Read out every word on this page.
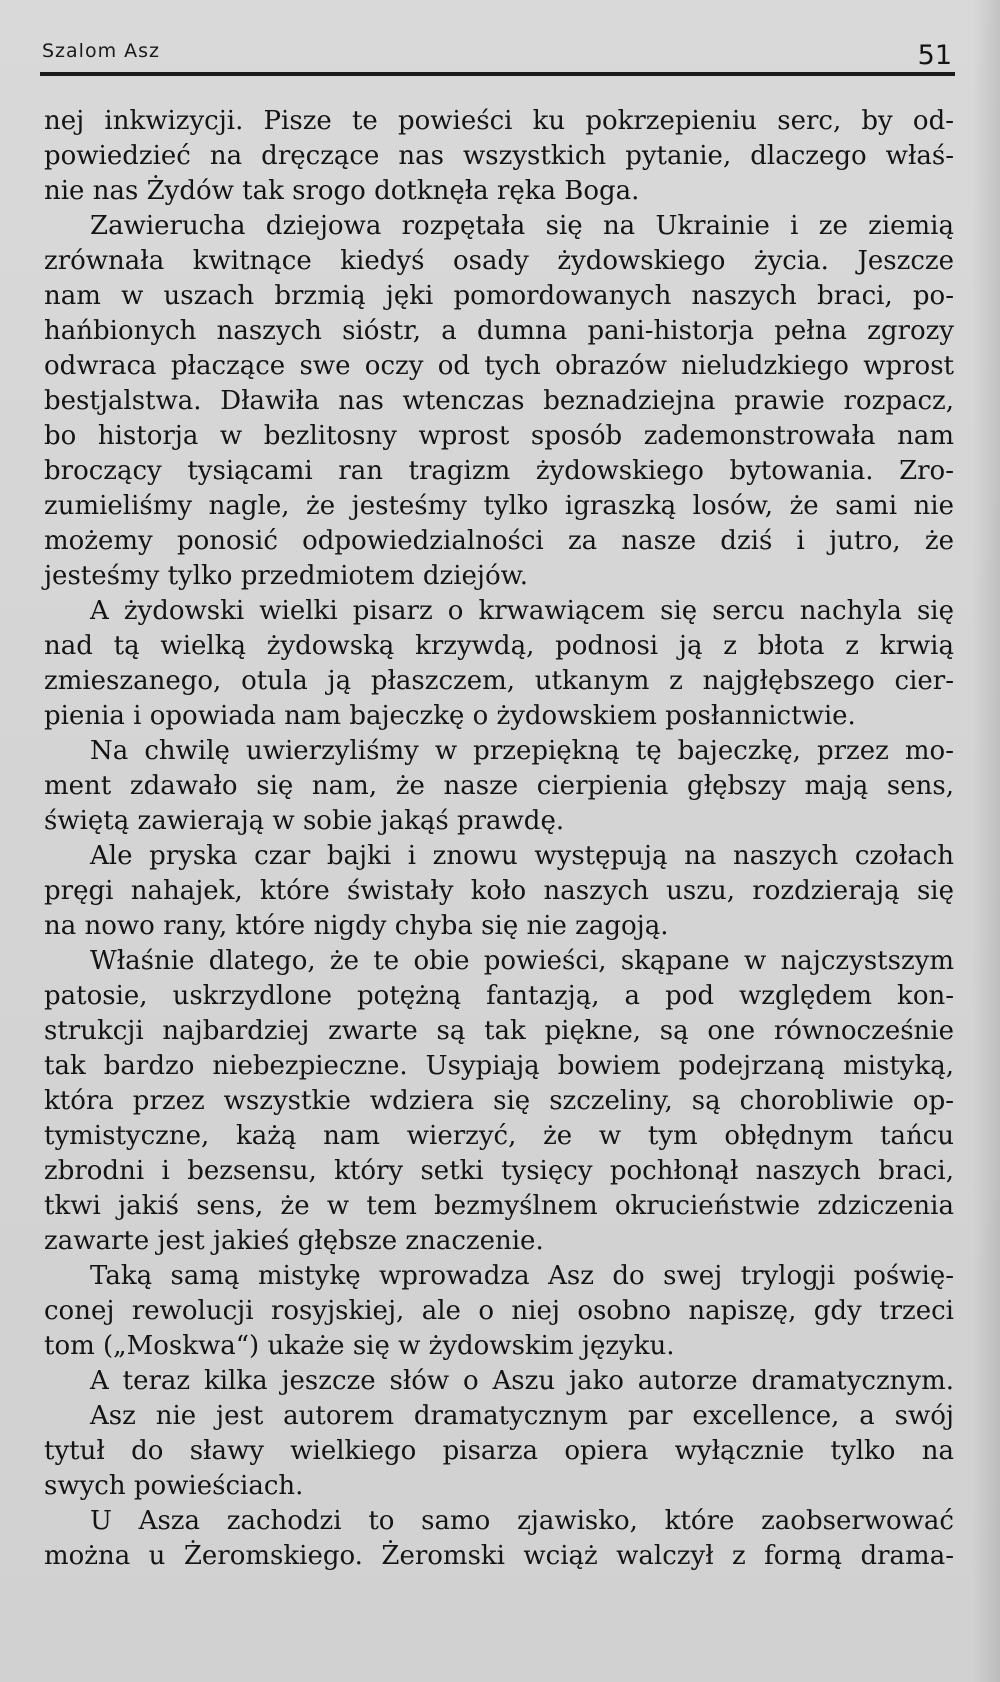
Szalom Asz	51
nej inkwizycji. Pisze te powieści ku pokrzepieniu serc, by od-
powiedzieć na dręczące nas wszystkich pytanie, dlaczego właś-
nie nas Żydów tak srogo dotknęła ręka Boga.
Zawierucha dziejowa rozpętała się na Ukrainie i ze ziemią
zrównała kwitnące kiedyś osady żydowskiego życia. Jeszcze
nam w uszach brzmią jęki pomordowanych naszych braci, po-
hańbionych naszych sióstr, a dumna pani-historja pełna zgrozy
odwraca płaczące swe oczy od tych obrazów nieludzkiego wprost
bestjalstwa. Dławiła nas wtenczas beznadziejna prawie rozpacz,
bo historja w bezlitosny wprost sposób zademonstrowała nam
broczący tysiącami ran tragizm żydowskiego bytowania. Zro-
zumieliśmy nagle, że jesteśmy tylko igraszką losów, że sami nie
możemy ponosić odpowiedzialności za nasze dziś i jutro, że
jesteśmy tylko przedmiotem dziejów.
A żydowski wielki pisarz o krwawiącem się sercu nachyla się
nad tą wielką żydowską krzywdą, podnosi ją z błota z krwią
zmieszanego, otula ją płaszczem, utkanym z najgłębszego cier-
pienia i opowiada nam bajeczkę o żydowskiem posłannictwie.
Na chwilę uwierzyliśmy w przepiękną tę bajeczkę, przez mo-
ment zdawało się nam, że nasze cierpienia głębszy mają sens,
świętą zawierają w sobie jakąś prawdę.
Ale pryska czar bajki i znowu występują na naszych czołach
pręgi nahajek, które świstały koło naszych uszu, rozdzierają się
na nowo rany, które nigdy chyba się nie zagoją.
Właśnie dlatego, że te obie powieści, skąpane w najczystszym
patosie, uskrzydlone potężną fantazją, a pod względem kon-
strukcji najbardziej zwarte są tak piękne, są one równocześnie
tak bardzo niebezpieczne. Usypiają bowiem podejrzaną mistyką,
która przez wszystkie wdziera się szczeliny, są chorobliwie op-
tymistyczne, każą nam wierzyć, że w tym obłędnym tańcu
zbrodni i bezsensu, który setki tysięcy pochłonął naszych braci,
tkwi jakiś sens, że w tem bezmyślnem okrucieństwie zdziczenia
zawarte jest jakieś głębsze znaczenie.
Taką samą mistykę wprowadza Asz do swej trylogji poświę-
conej rewolucji rosyjskiej, ale o niej osobno napiszę, gdy trzeci
tom („Moskwa“) ukaże się w żydowskim języku.
A teraz kilka jeszcze słów o Aszu jako autorze dramatycznym.
Asz nie jest autorem dramatycznym par excellence, a swój
tytuł do sławy wielkiego pisarza opiera wyłącznie tylko na
swych powieściach.
U Asza zachodzi to samo zjawisko, które zaobserwować
można u Żeromskiego. Żeromski wciąż walczył z formą drama-
